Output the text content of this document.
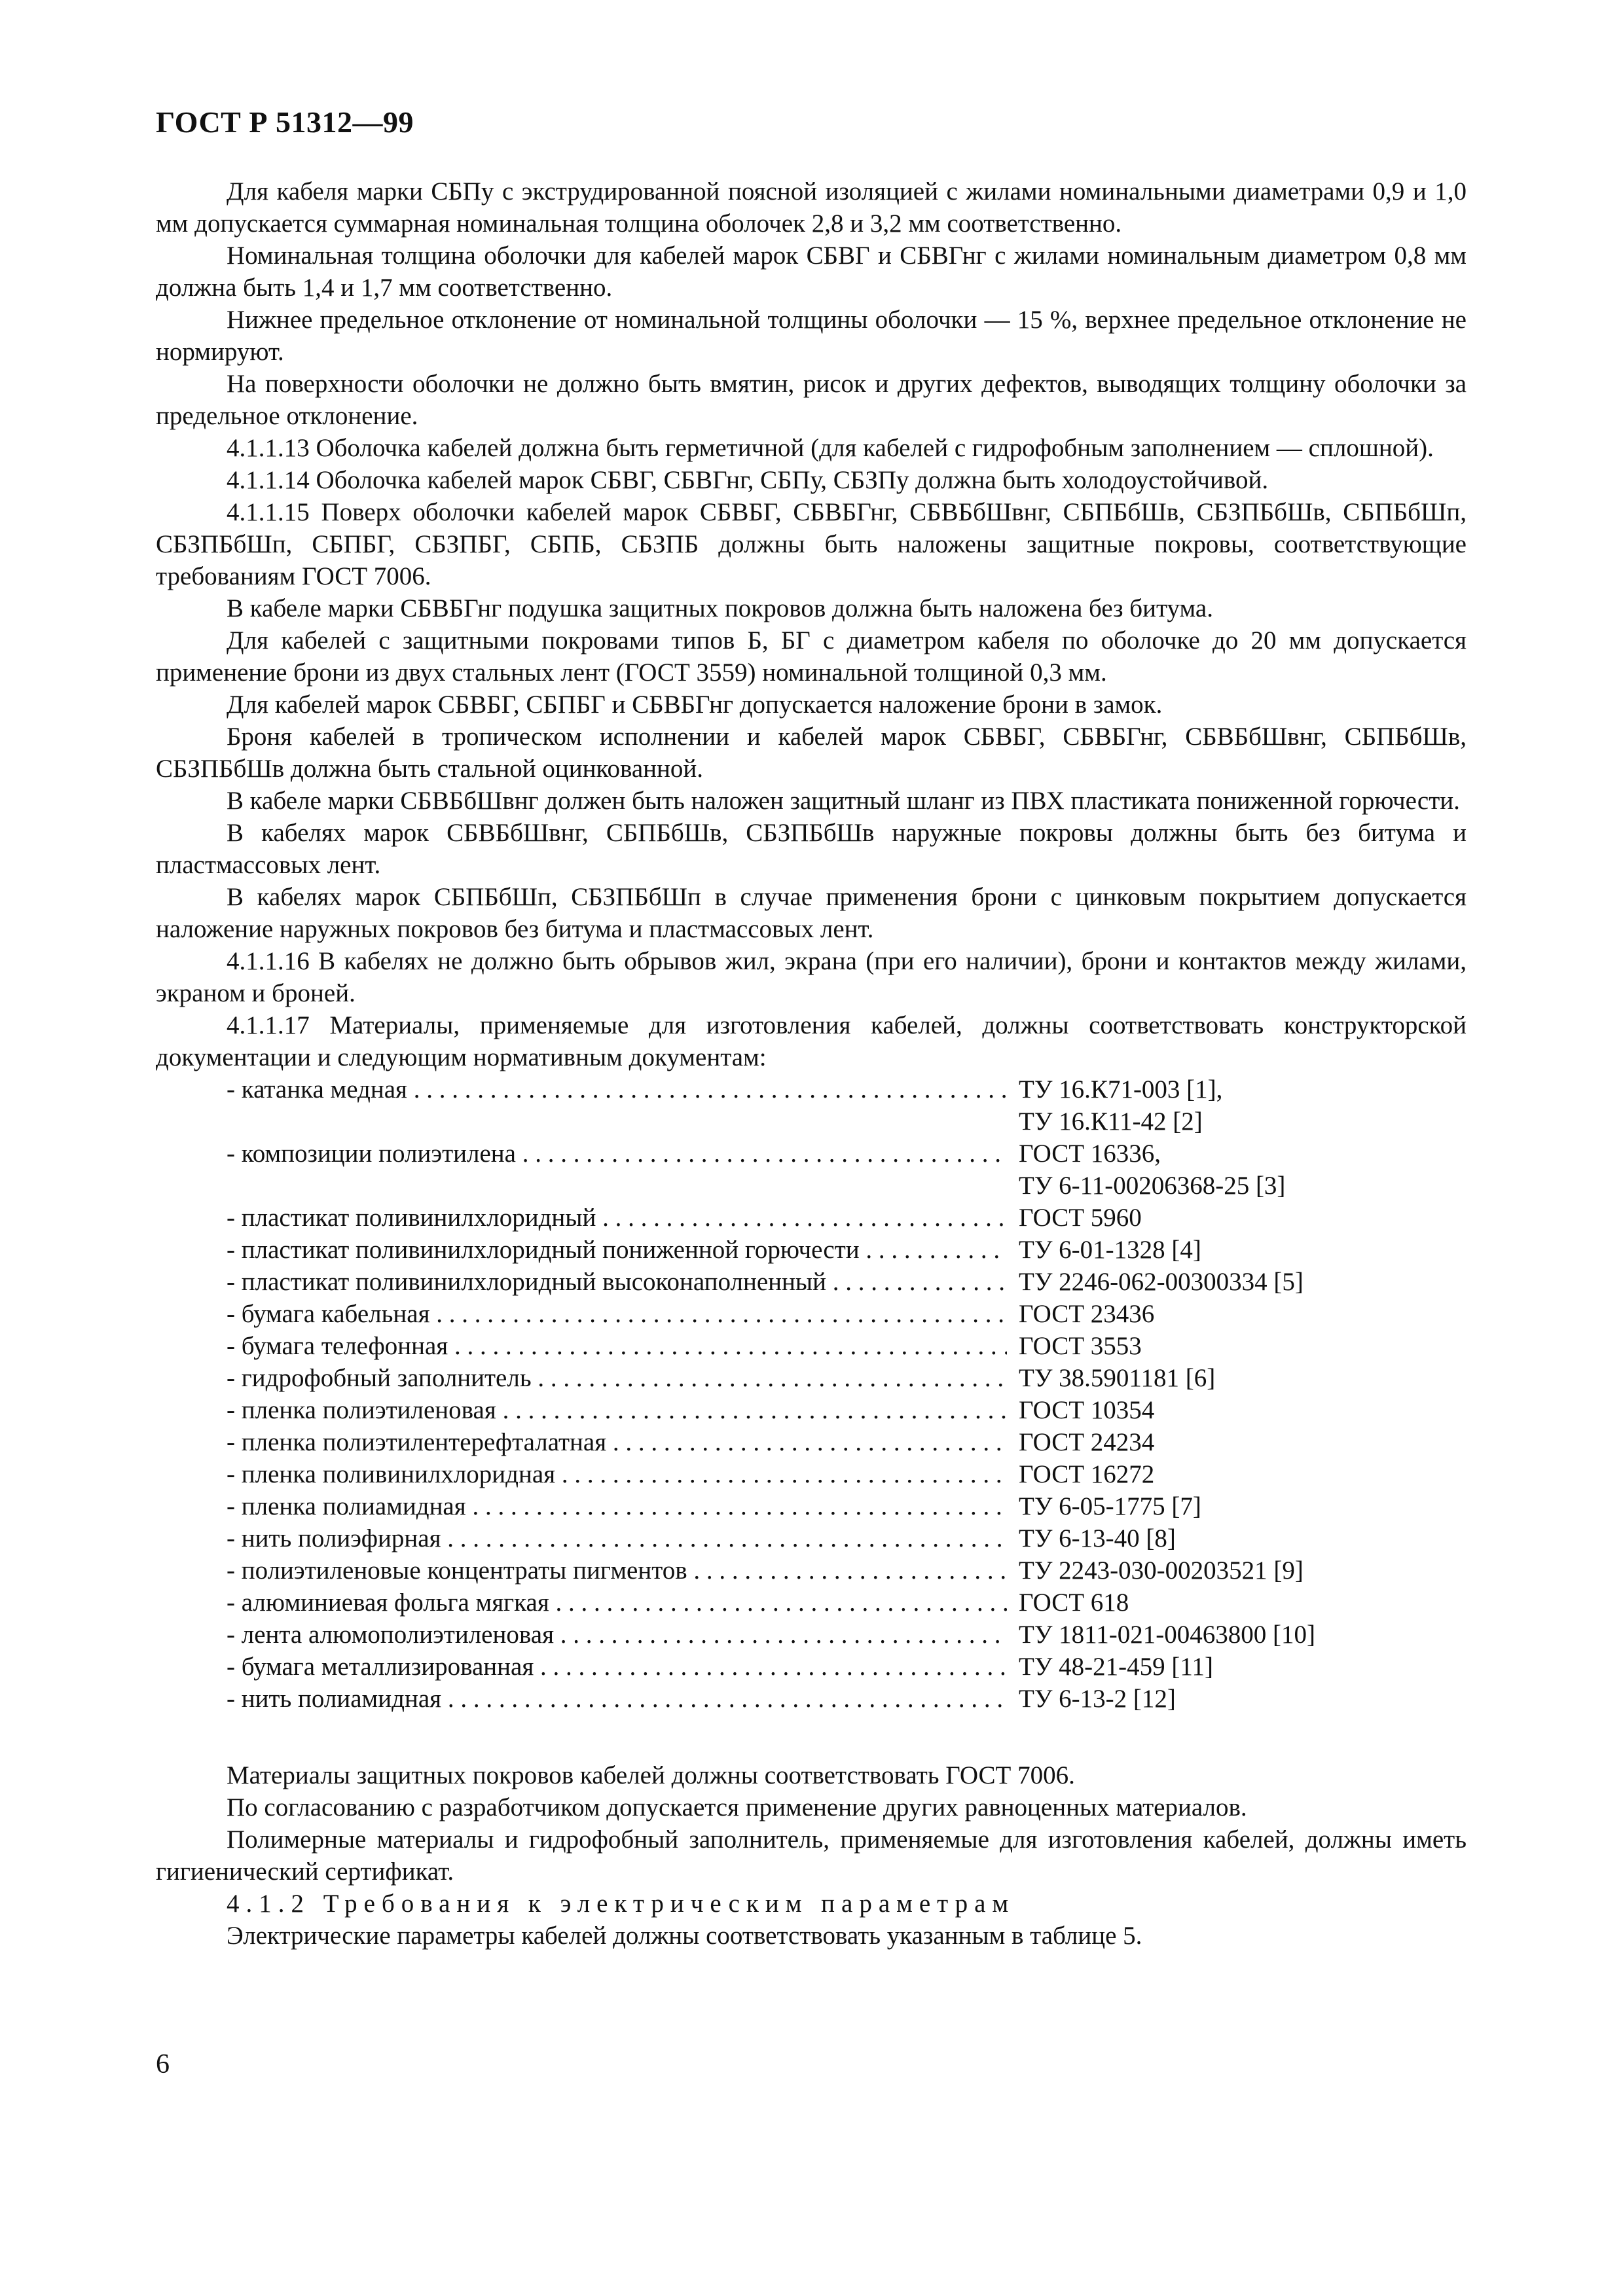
ГОСТ Р 51312—99

Для кабеля марки СБПу с экструдированной поясной изоляцией с жилами номинальными диаметрами 0,9 и 1,0 мм допускается суммарная номинальная толщина оболочек 2,8 и 3,2 мм соответственно.

Номинальная толщина оболочки для кабелей марок СБВГ и СБВГнг с жилами номинальным диаметром 0,8 мм должна быть 1,4 и 1,7 мм соответственно.

Нижнее предельное отклонение от номинальной толщины оболочки — 15 %, верхнее предельное отклонение не нормируют.

На поверхности оболочки не должно быть вмятин, рисок и других дефектов, выводящих толщину оболочки за предельное отклонение.

4.1.1.13 Оболочка кабелей должна быть герметичной (для кабелей с гидрофобным заполнением — сплошной).

4.1.1.14 Оболочка кабелей марок СБВГ, СБВГнг, СБПу, СБЗПу должна быть холодоустойчивой.

4.1.1.15 Поверх оболочки кабелей марок СБВБГ, СБВБГнг, СБВБбШвнг, СБПБбШв, СБЗПБбШв, СБПБбШп, СБЗПБбШп, СБПБГ, СБЗПБГ, СБПБ, СБЗПБ должны быть наложены защитные покровы, соответствующие требованиям ГОСТ 7006.

В кабеле марки СБВБГнг подушка защитных покровов должна быть наложена без битума.

Для кабелей с защитными покровами типов Б, БГ с диаметром кабеля по оболочке до 20 мм допускается применение брони из двух стальных лент (ГОСТ 3559) номинальной толщиной 0,3 мм.

Для кабелей марок СБВБГ, СБПБГ и СБВБГнг допускается наложение брони в замок.

Броня кабелей в тропическом исполнении и кабелей марок СБВБГ, СБВБГнг, СБВБбШвнг, СБПБбШв, СБЗПБбШв должна быть стальной оцинкованной.

В кабеле марки СБВБбШвнг должен быть наложен защитный шланг из ПВХ пластиката пониженной горючести.

В кабелях марок СБВБбШвнг, СБПБбШв, СБЗПБбШв наружные покровы должны быть без битума и пластмассовых лент.

В кабелях марок СБПБбШп, СБЗПБбШп в случае применения брони с цинковым покрытием допускается наложение наружных покровов без битума и пластмассовых лент.

4.1.1.16 В кабелях не должно быть обрывов жил, экрана (при его наличии), брони и контактов между жилами, экраном и броней.

4.1.1.17 Материалы, применяемые для изготовления кабелей, должны соответствовать конструкторской документации и следующим нормативным документам:

- катанка медная . . .	ТУ 16.К71-003 [1],
ТУ 16.К11-42 [2]
- композиции полиэтилена . . .	ГОСТ 16336,
ТУ 6-11-00206368-25 [3]
- пластикат поливинилхлоридный . . .	ГОСТ 5960
- пластикат поливинилхлоридный пониженной горючести . . .	ТУ 6-01-1328 [4]
- пластикат поливинилхлоридный высоконаполненный . . .	ТУ 2246-062-00300334 [5]
- бумага кабельная . . .	ГОСТ 23436
- бумага телефонная . . .	ГОСТ 3553
- гидрофобный заполнитель . . .	ТУ 38.5901181 [6]
- пленка полиэтиленовая . . .	ГОСТ 10354
- пленка полиэтилентерефталатная . . .	ГОСТ 24234
- пленка поливинилхлоридная . . .	ГОСТ 16272
- пленка полиамидная . . .	ТУ 6-05-1775 [7]
- нить полиэфирная . . .	ТУ 6-13-40 [8]
- полиэтиленовые концентраты пигментов . . .	ТУ 2243-030-00203521 [9]
- алюминиевая фольга мягкая . . .	ГОСТ 618
- лента алюмополиэтиленовая . . .	ТУ 1811-021-00463800 [10]
- бумага металлизированная . . .	ТУ 48-21-459 [11]
- нить полиамидная . . .	ТУ 6-13-2 [12]

Материалы защитных покровов кабелей должны соответствовать ГОСТ 7006.

По согласованию с разработчиком допускается применение других равноценных материалов.

Полимерные материалы и гидрофобный заполнитель, применяемые для изготовления кабелей, должны иметь гигиенический сертификат.

4.1.2 Требования к электрическим параметрам

Электрические параметры кабелей должны соответствовать указанным в таблице 5.

6
